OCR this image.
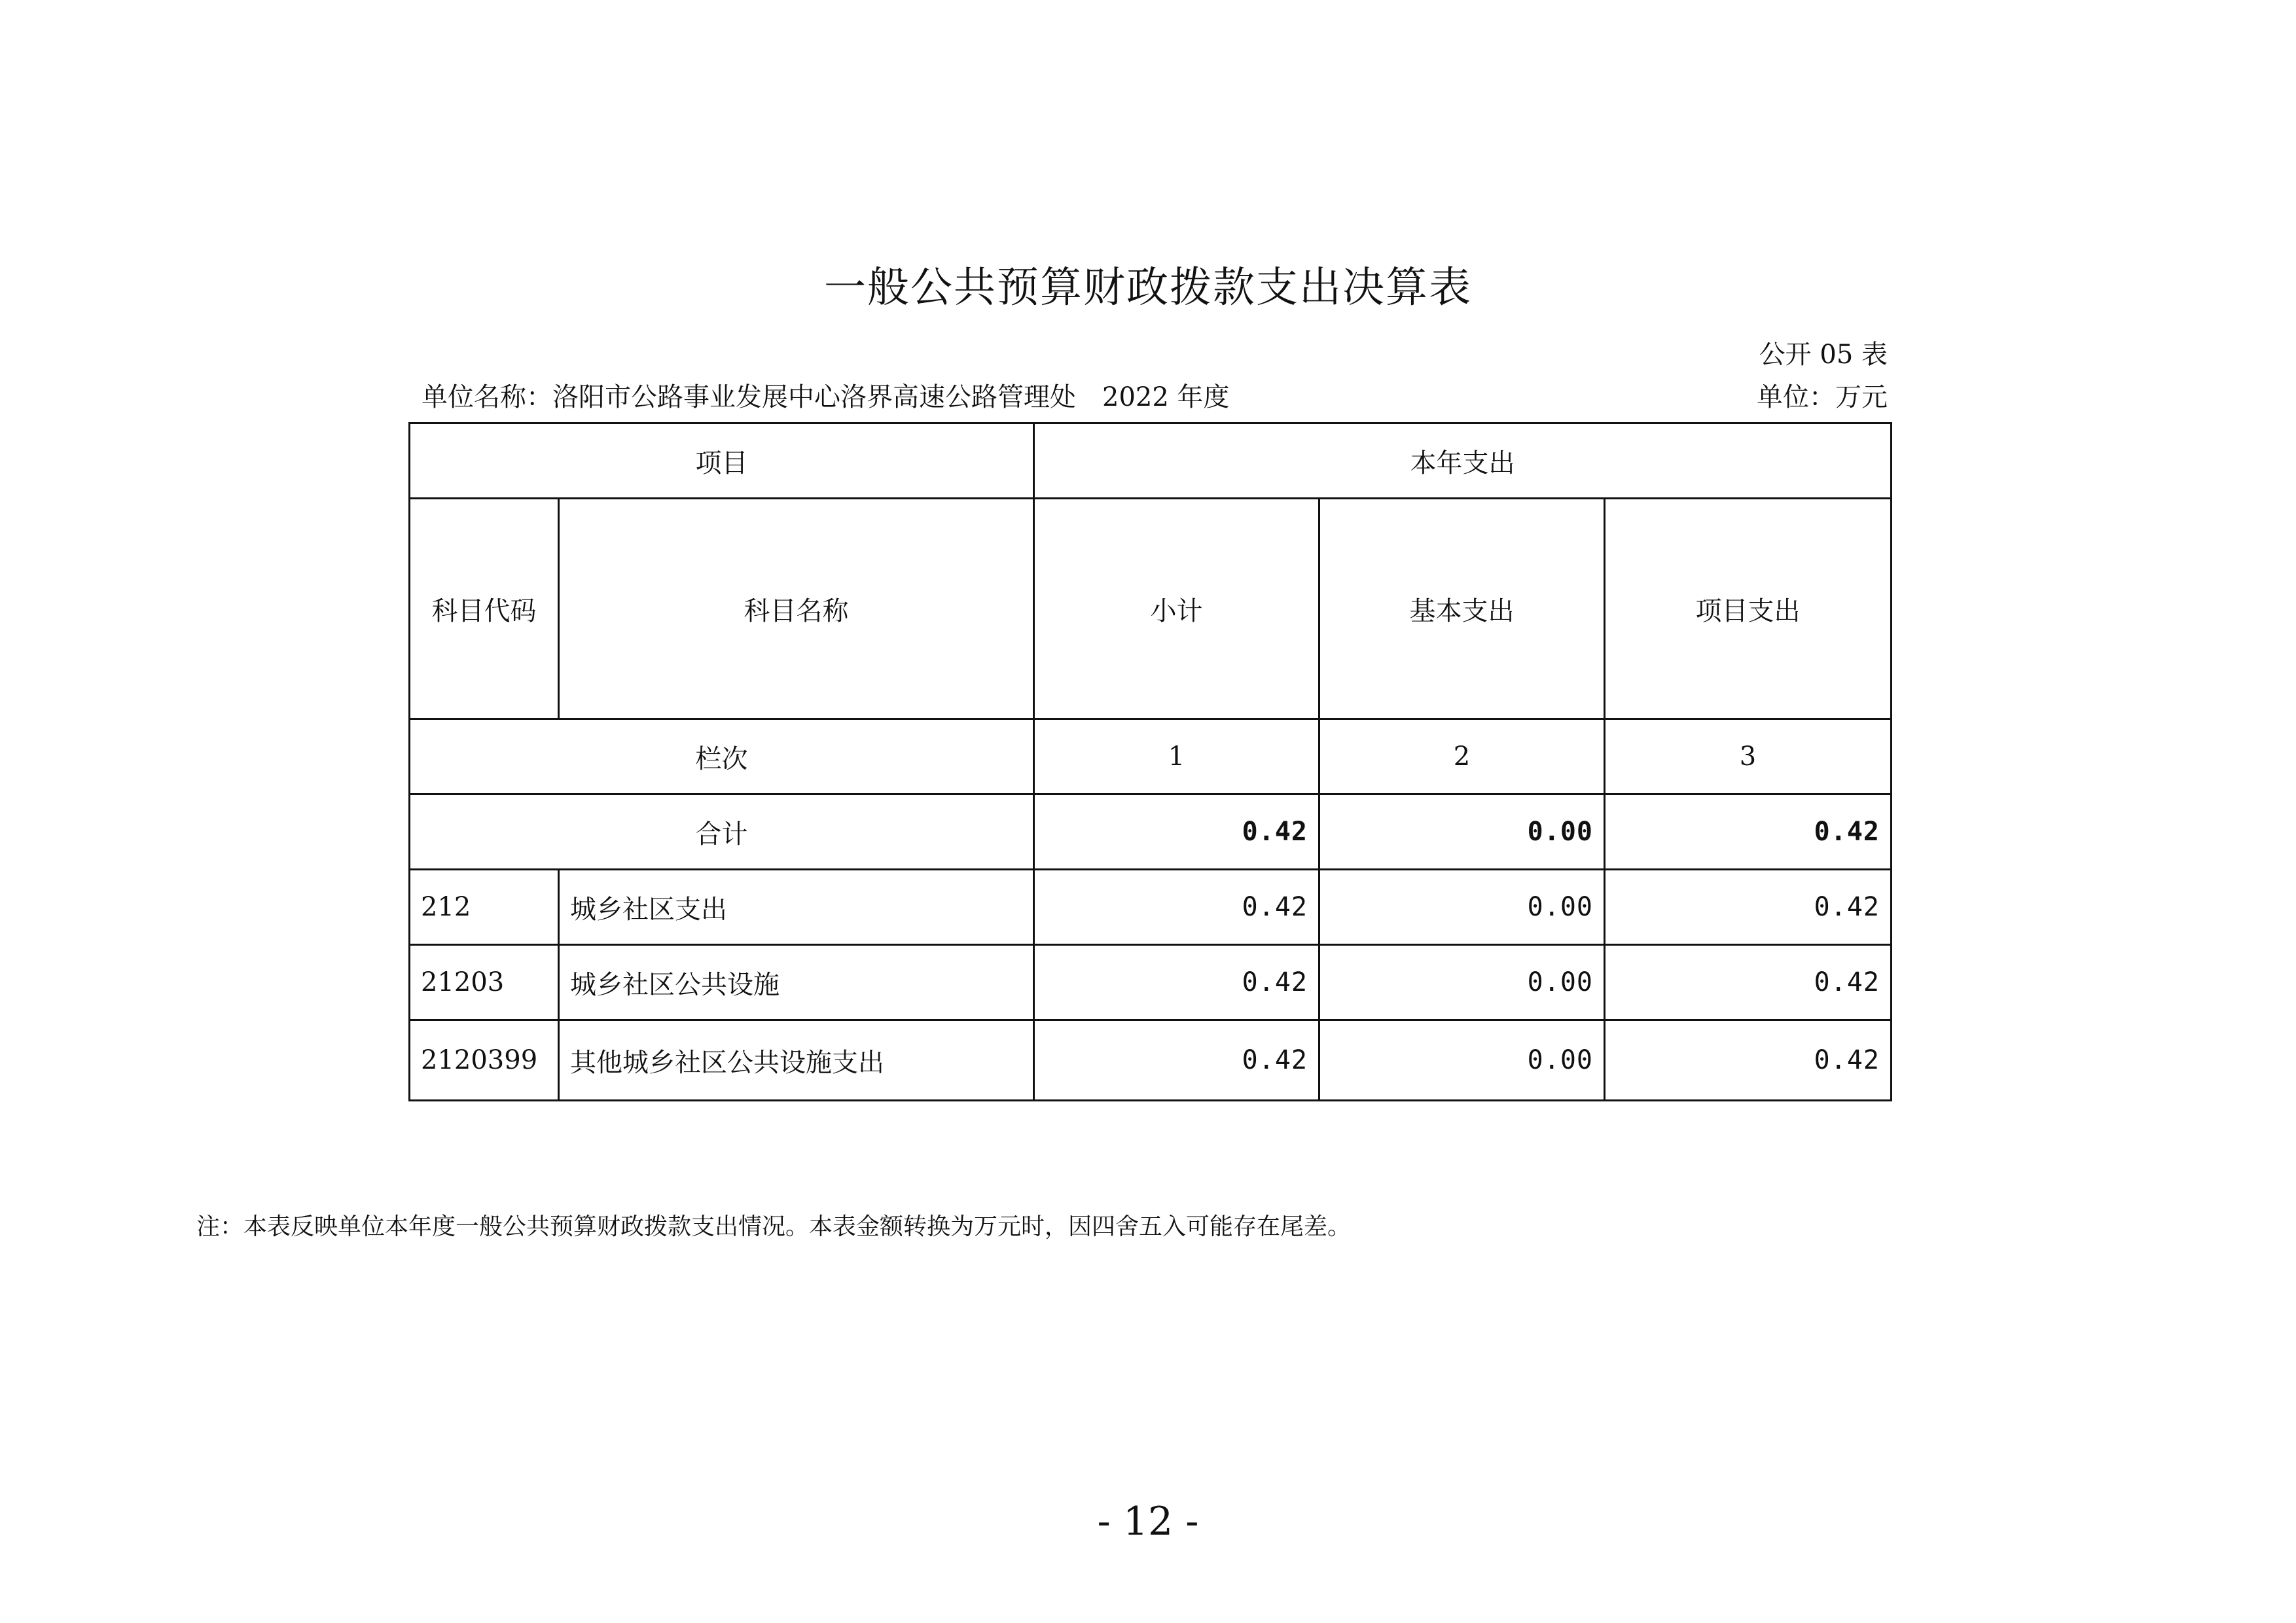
一般公共预算财政拨款支出决算表
公开 05 表
单位名称：洛阳市公路事业发展中心洛界高速公路管理处 2022 年度	单位：万元
项目		本年支出		
科目代码	科目名称	小计	基本支出	项目支出
栏次		1	2	3
合计		0.42	0.00	0.42
212	城乡社区支出	0.42	0.00	0.42
21203	城乡社区公共设施	0.42	0.00	0.42
2120399	其他城乡社区公共设施支出	0.42	0.00	0.42
注：本表反映单位本年度一般公共预算财政拨款支出情况。本表金额转换为万元时，因四舍五入可能存在尾差。
- 12 -
